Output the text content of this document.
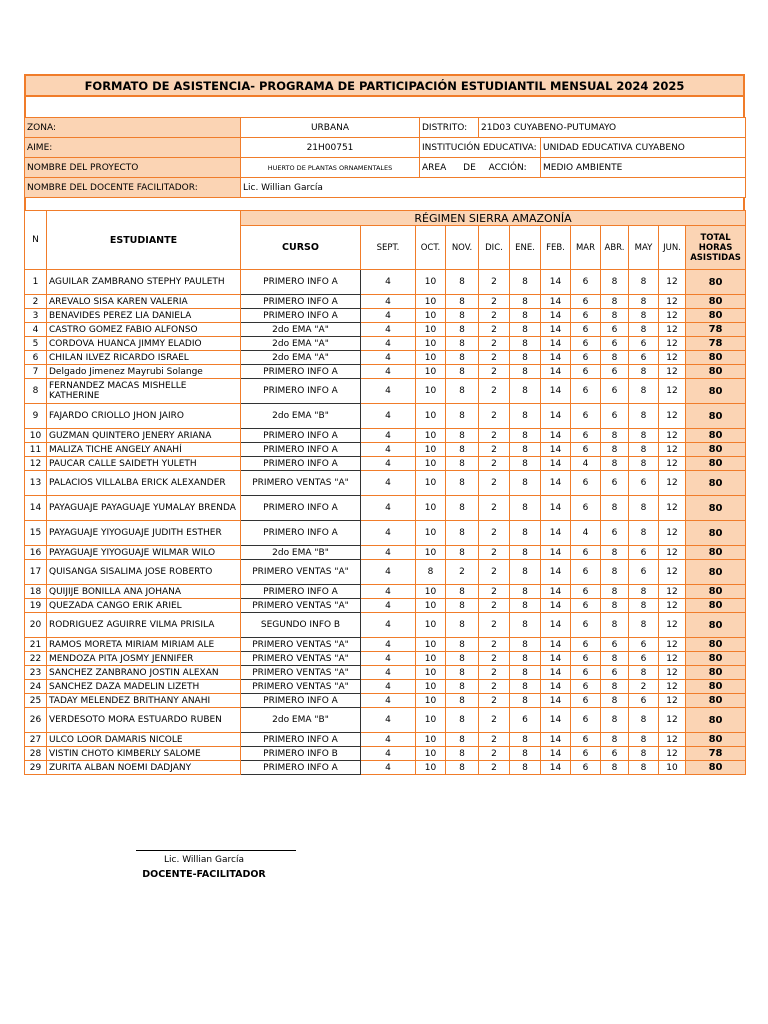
FORMATO DE ASISTENCIA- PROGRAMA DE PARTICIPACIÓN ESTUDIANTIL MENSUAL 2024 2025
ZONA:	URBANA	DISTRITO:	21D03 CUYABENO-PUTUMAYO	
AIME:	21H00751	INSTITUCIÓN EDUCATIVA:		UNIDAD EDUCATIVA CUYABENO
NOMBRE DEL PROYECTO	HUERTO DE PLANTAS ORNAMENTALES	AREA DE ACCIÓN:		MEDIO AMBIENTE
NOMBRE DEL DOCENTE FACILITADOR:	Lic. Willian García			
N	ESTUDIANTE	RÉGIMEN SIERRA AMAZONÍA											
		CURSO	SEPT.	OCT.	NOV.	DIC.	ENE.	FEB.	MAR	ABR.	MAY	JUN.	TOTAL HORAS ASISTIDAS
1	AGUILAR ZAMBRANO STEPHY PAULETH	PRIMERO INFO A	4	10	8	2	8	14	6	8	8	12	80
2	AREVALO SISA KAREN VALERIA	PRIMERO INFO A	4	10	8	2	8	14	6	8	8	12	80
3	BENAVIDES PEREZ LIA DANIELA	PRIMERO INFO A	4	10	8	2	8	14	6	8	8	12	80
4	CASTRO GOMEZ FABIO ALFONSO	2do EMA "A"	4	10	8	2	8	14	6	6	8	12	78
5	CORDOVA HUANCA JIMMY ELADIO	2do EMA "A"	4	10	8	2	8	14	6	6	6	12	78
6	CHILAN ILVEZ RICARDO ISRAEL	2do EMA "A"	4	10	8	2	8	14	6	8	6	12	80
7	Delgado Jimenez Mayrubi Solange	PRIMERO INFO A	4	10	8	2	8	14	6	6	8	12	80
8	FERNANDEZ MACAS MISHELLE KATHERINE	PRIMERO INFO A	4	10	8	2	8	14	6	6	8	12	80
9	FAJARDO CRIOLLO JHON JAIRO	2do EMA "B"	4	10	8	2	8	14	6	6	8	12	80
10	GUZMAN QUINTERO JENERY ARIANA	PRIMERO INFO A	4	10	8	2	8	14	6	8	8	12	80
11	MALIZA TICHE ANGELY ANAHÍ	PRIMERO INFO A	4	10	8	2	8	14	6	8	8	12	80
12	PAUCAR CALLE SAIDETH YULETH	PRIMERO INFO A	4	10	8	2	8	14	4	8	8	12	80
13	PALACIOS VILLALBA ERICK ALEXANDER	PRIMERO VENTAS "A"	4	10	8	2	8	14	6	6	6	12	80
14	PAYAGUAJE PAYAGUAJE YUMALAY BRENDA	PRIMERO INFO A	4	10	8	2	8	14	6	8	8	12	80
15	PAYAGUAJE YIYOGUAJE JUDITH ESTHER	PRIMERO INFO A	4	10	8	2	8	14	4	6	8	12	80
16	PAYAGUAJE YIYOGUAJE WILMAR WILO	2do EMA "B"	4	10	8	2	8	14	6	8	6	12	80
17	QUISANGA SISALIMA JOSE ROBERTO	PRIMERO VENTAS "A"	4	8	2	2	8	14	6	8	6	12	80
18	QUIJIJE BONILLA ANA JOHANA	PRIMERO INFO A	4	10	8	2	8	14	6	8	8	12	80
19	QUEZADA CANGO ERIK ARIEL	PRIMERO VENTAS "A"	4	10	8	2	8	14	6	8	8	12	80
20	RODRIGUEZ AGUIRRE VILMA PRISILA	SEGUNDO INFO B	4	10	8	2	8	14	6	8	8	12	80
21	RAMOS MORETA MIRIAM MIRIAM ALE	PRIMERO VENTAS "A"	4	10	8	2	8	14	6	6	6	12	80
22	MENDOZA PITA JOSMY JENNIFER	PRIMERO VENTAS "A"	4	10	8	2	8	14	6	8	6	12	80
23	SANCHEZ ZANBRANO JOSTIN ALEXAN	PRIMERO VENTAS "A"	4	10	8	2	8	14	6	6	8	12	80
24	SANCHEZ DAZA MADELIN LIZETH	PRIMERO VENTAS "A"	4	10	8	2	8	14	6	8	2	12	80
25	TADAY MELENDEZ BRITHANY ANAHI	PRIMERO INFO A	4	10	8	2	8	14	6	8	6	12	80
26	VERDESOTO MORA ESTUARDO RUBEN	2do EMA "B"	4	10	8	2	6	14	6	8	8	12	80
27	ULCO LOOR DAMARIS NICOLE	PRIMERO INFO A	4	10	8	2	8	14	6	8	8	12	80
28	VISTIN CHOTO KIMBERLY SALOME	PRIMERO INFO B	4	10	8	2	8	14	6	6	8	12	78
29	ZURITA ALBAN NOEMI DADJANY	PRIMERO INFO A	4	10	8	2	8	14	6	8	8	10	80
Lic. Willian García
DOCENTE-FACILITADOR
